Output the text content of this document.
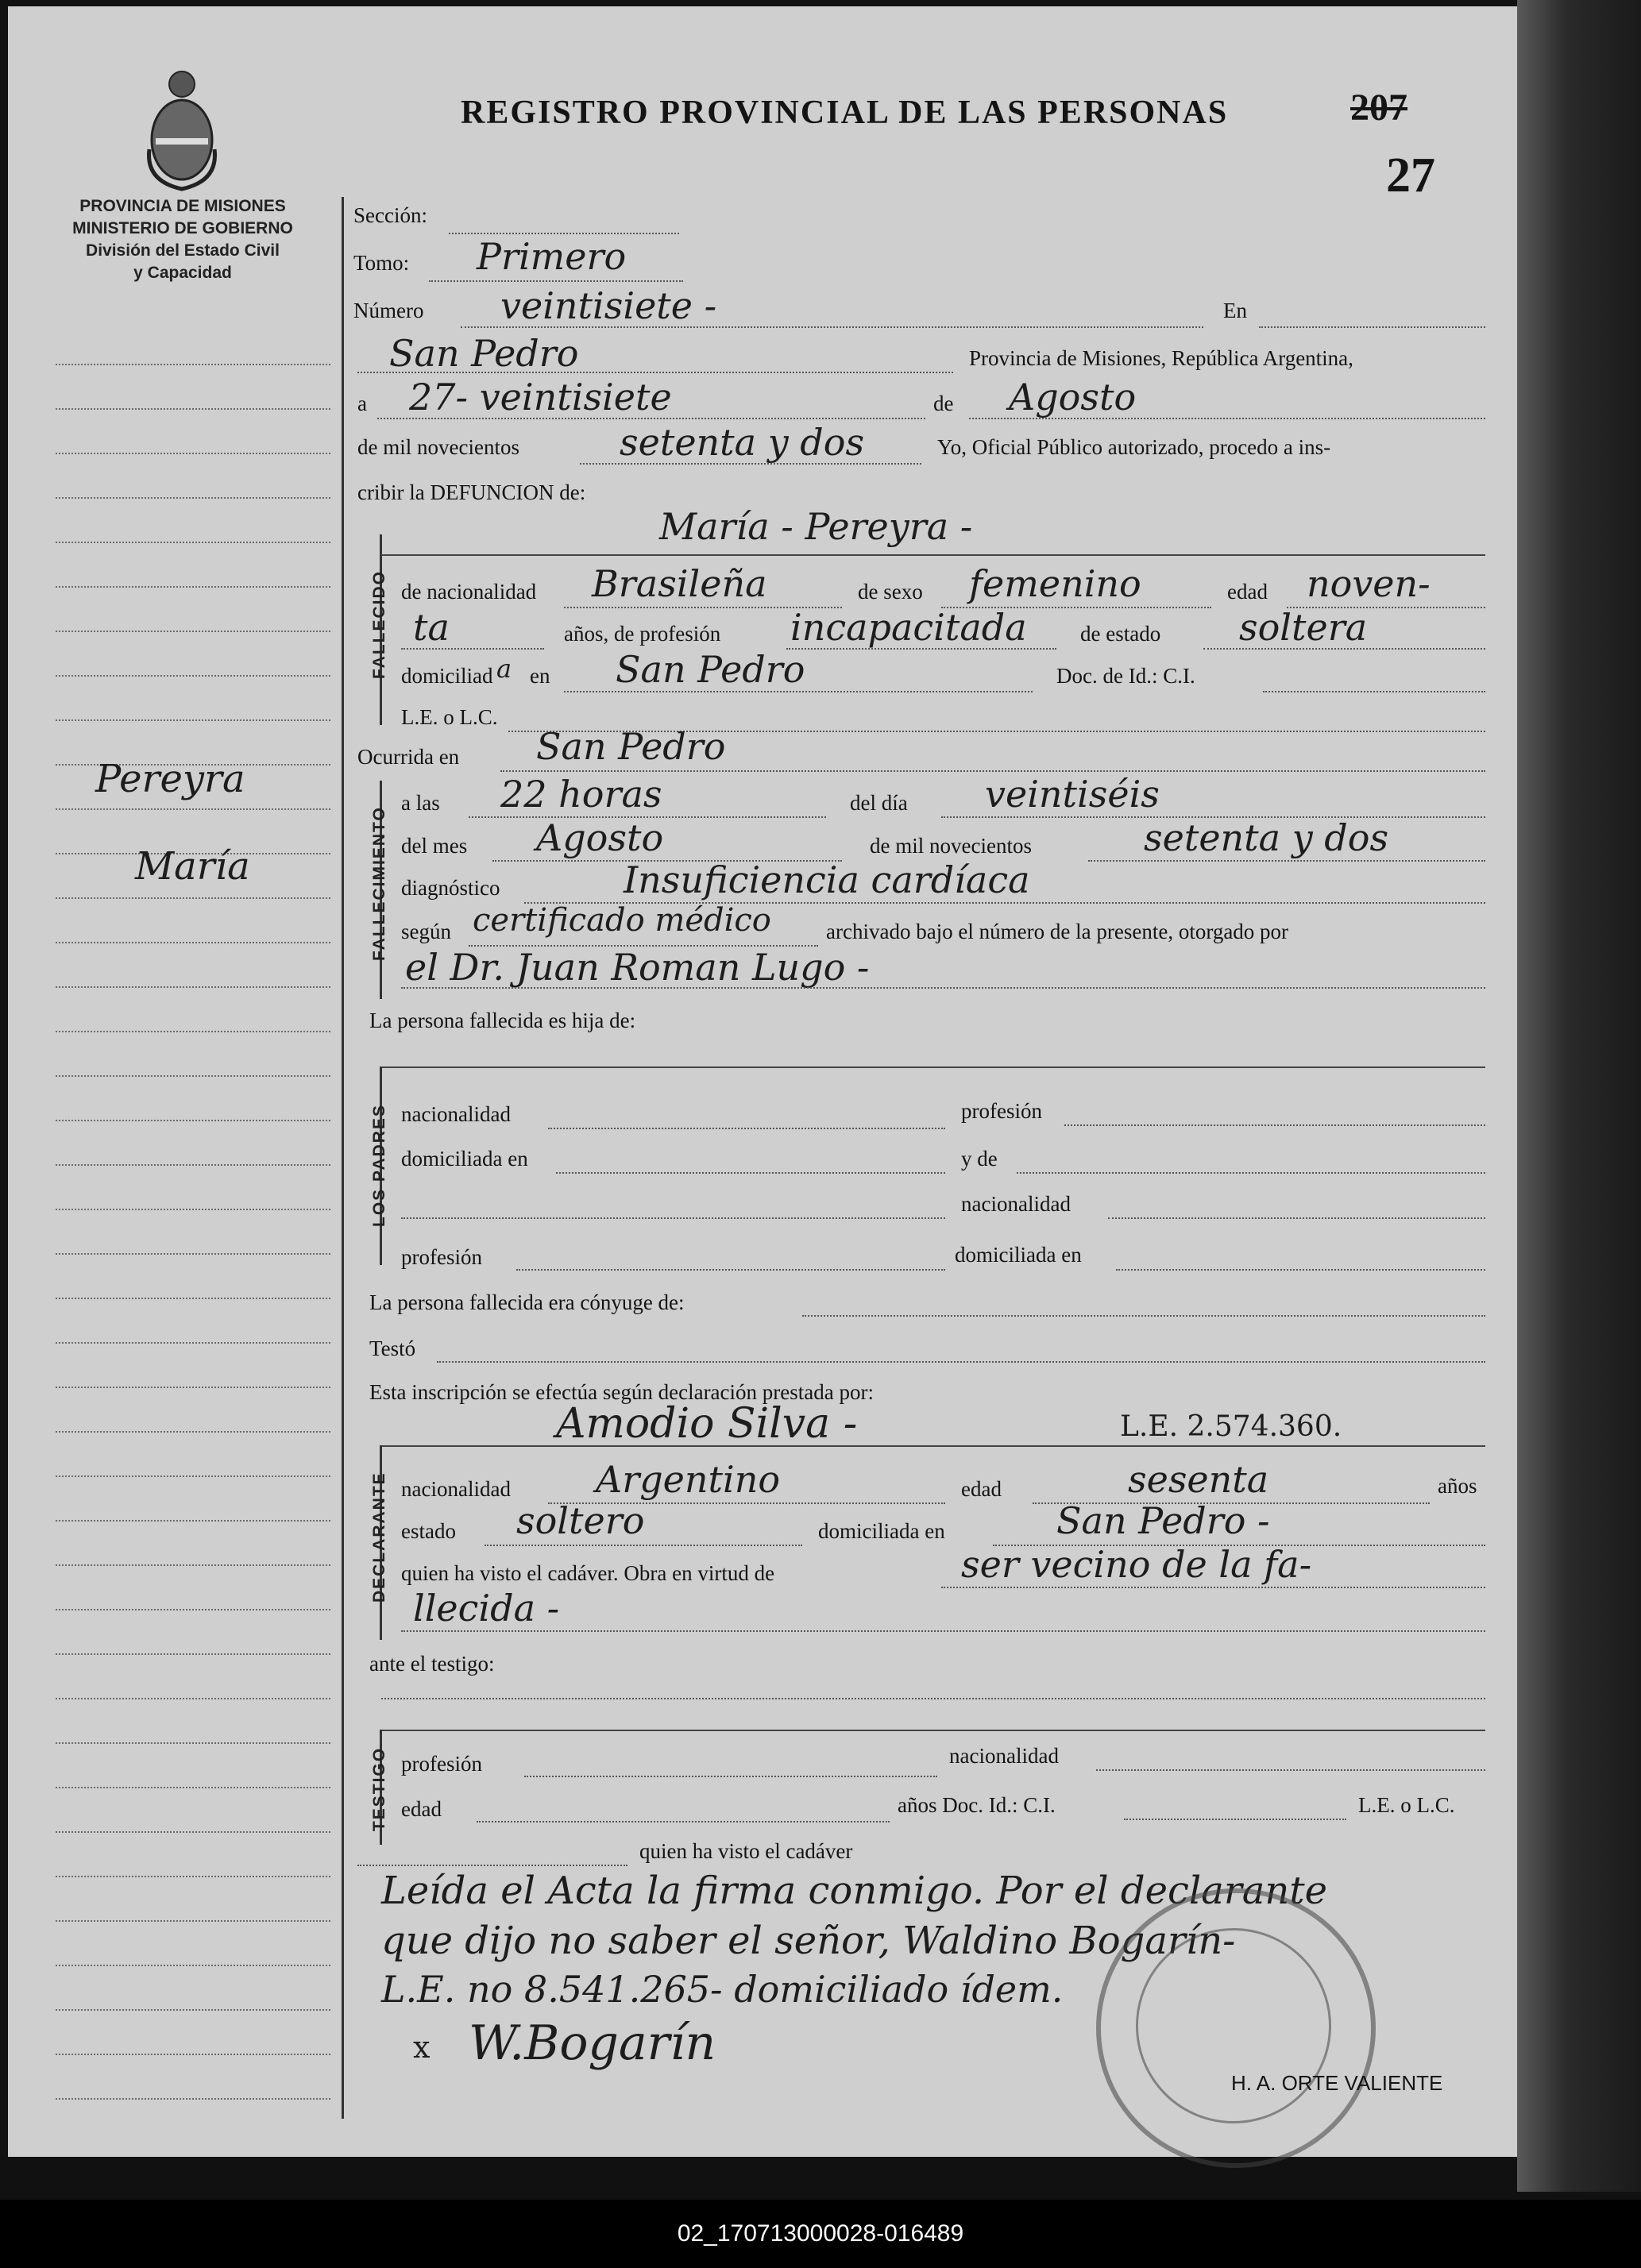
PROVINCIA DE MISIONES
MINISTERIO DE GOBIERNO
División del Estado Civil
y Capacidad
REGISTRO PROVINCIAL DE LAS PERSONAS	207
27
Pereyra
María
Sección:
Tomo: Primero
Número veintisiete -	En
San Pedro	Provincia de Misiones, República Argentina,
a 27- veintisiete	de Agosto
de mil novecientos	setenta y dos	Yo, Oficial Público autorizado, procedo a ins-
cribir la DEFUNCION de:
FALLECIDO
María - Pereyra -
de nacionalidad Brasileña	de sexo femenino	edad noven-
ta	años, de profesión incapacitada de estado soltera
domiciliad a en San Pedro	Doc. de Id.: C.I.
L.E. o L.C.
Ocurrida en San Pedro
FALLECIMIENTO
a las 22 horas	del día veintiséis
del mes Agosto	de mil novecientos	setenta y dos
diagnóstico	Insuficiencia cardíaca
según certificado médico	archivado bajo el número de la presente, otorgado por
el Dr. Juan Roman Lugo -
La persona fallecida es hija de:
LOS PADRES nacionalidad	profesión
domiciliada en	y de
nacionalidad
profesión	domiciliada en
La persona fallecida era cónyuge de:
Testó
Esta inscripción se efectúa según declaración prestada por:
Amodio Silva -	L.E. 2.574.360.
DECLARANTE nacionalidad Argentino	edad	sesenta	años
estado soltero	domiciliada en	San Pedro -
quien ha visto el cadáver. Obra en virtud de	ser vecino de la fa-
llecida -
ante el testigo:
TESTIGO profesión	nacionalidad
edad	años Doc. Id.: C.I.	L.E. o L.C.
quien ha visto el cadáver
Leída el Acta la firma conmigo. Por el declarante
que dijo no saber el señor, Waldino Bogarín-
L.E. no 8.541.265- domiciliado ídem.
x W.Bogarín
H. A. ORTE VALIENTE
02_170713000028-016489
